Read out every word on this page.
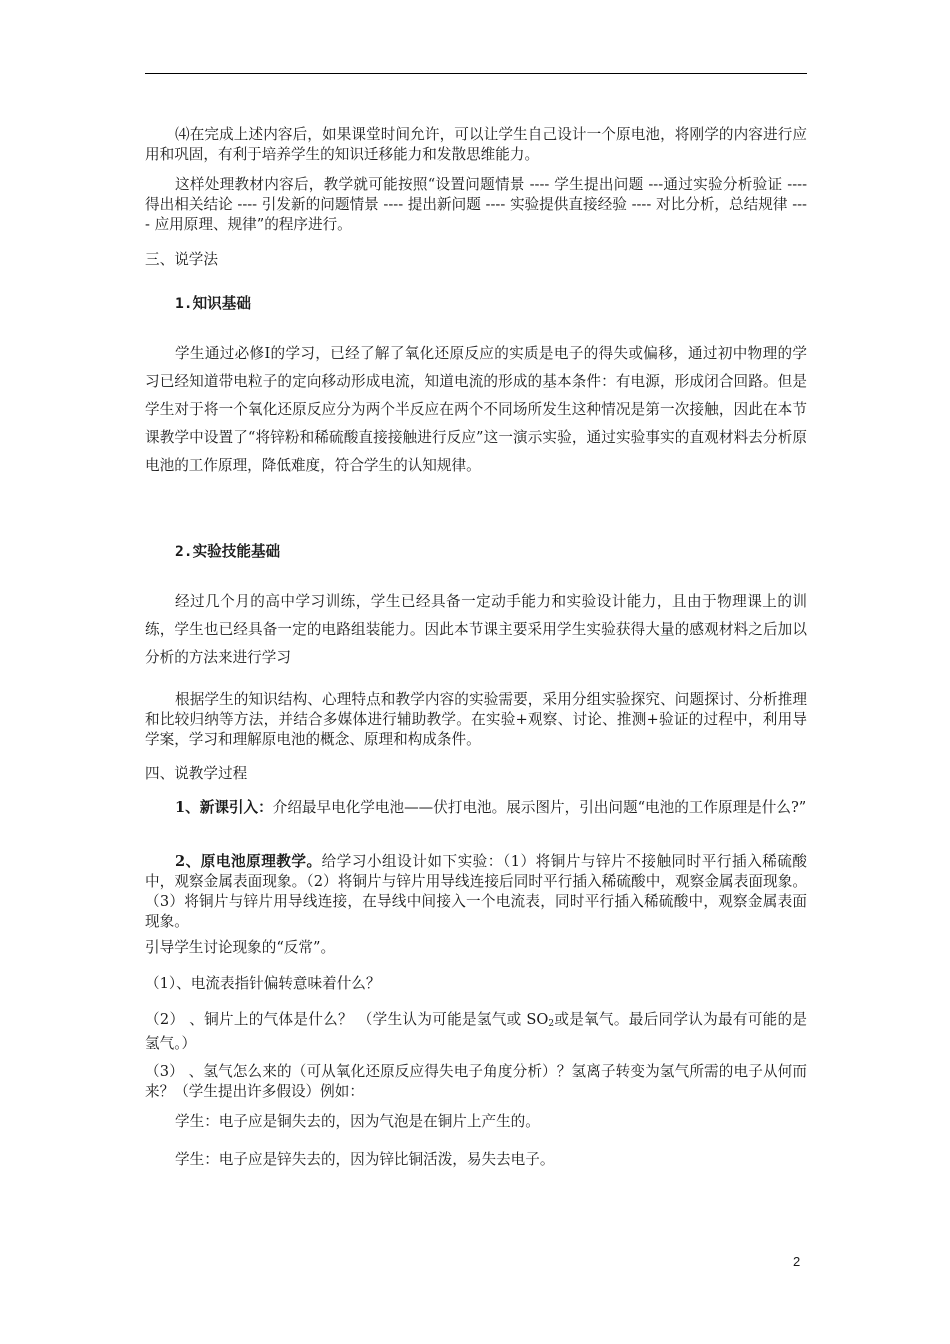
⑷在完成上述内容后，如果课堂时间允许，可以让学生自己设计一个原电池，将刚学的内容进行应用和巩固，有利于培养学生的知识迁移能力和发散思维能力。

这样处理教材内容后，教学就可能按照“设置问题情景 ---- 学生提出问题 ---通过实验分析验证 ---- 得出相关结论 ---- 引发新的问题情景 ---- 提出新问题 ---- 实验提供直接经验 ---- 对比分析，总结规律 ---- 应用原理、规律”的程序进行。

三、说学法
1.知识基础

学生通过必修Ⅰ的学习，已经了解了氧化还原反应的实质是电子的得失或偏移，通过初中物理的学习已经知道带电粒子的定向移动形成电流，知道电流的形成的基本条件：有电源，形成闭合回路。但是学生对于将一个氧化还原反应分为两个半反应在两个不同场所发生这种情况是第一次接触，因此在本节课教学中设置了“将锌粉和稀硫酸直接接触进行反应”这一演示实验，通过实验事实的直观材料去分析原电池的工作原理，降低难度，符合学生的认知规律。

2.实验技能基础

经过几个月的高中学习训练，学生已经具备一定动手能力和实验设计能力，且由于物理课上的训练，学生也已经具备一定的电路组装能力。因此本节课主要采用学生实验获得大量的感观材料之后加以分析的方法来进行学习

根据学生的知识结构、心理特点和教学内容的实验需要，采用分组实验探究、问题探讨、分析推理和比较归纳等方法，并结合多媒体进行辅助教学。在实验+观察、讨论、推测+验证的过程中，利用导学案，学习和理解原电池的概念、原理和构成条件。

四、说教学过程

1、新课引入：介绍最早电化学电池——伏打电池。展示图片，引出问题“电池的工作原理是什么?”

2、原电池原理教学。给学习小组设计如下实验：（1）将铜片与锌片不接触同时平行插入稀硫酸中，观察金属表面现象。（2）将铜片与锌片用导线连接后同时平行插入稀硫酸中，观察金属表面现象。（3）将铜片与锌片用导线连接，在导线中间接入一个电流表，同时平行插入稀硫酸中，观察金属表面现象。

引导学生讨论现象的“反常”。

（1）、电流表指针偏转意味着什么？

（2） 、铜片上的气体是什么？ （学生认为可能是氢气或 $SO_2$或是氧气。最后同学认为最有可能的是氢气。）

（3） 、氢气怎么来的（可从氧化还原反应得失电子角度分析）？氢离子转变为氢气所需的电子从何而来？（学生提出许多假设）例如：

学生：电子应是铜失去的，因为气泡是在铜片上产生的。

学生：电子应是锌失去的，因为锌比铜活泼，易失去电子。

2
